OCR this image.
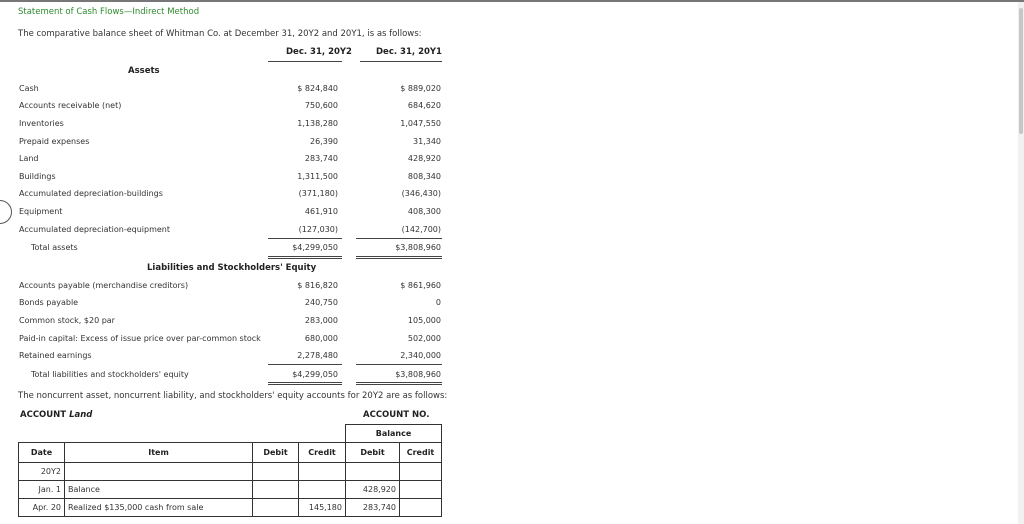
Statement of Cash Flows—Indirect Method
The comparative balance sheet of Whitman Co. at December 31, 20Y2 and 20Y1, is as follows:
Dec. 31, 20Y2	Dec. 31, 20Y1
Assets
Cash	$ 824,840	$ 889,020
Accounts receivable (net)	750,600	684,620
Inventories	1,138,280	1,047,550
Prepaid expenses	26,390	31,340
Land	283,740	428,920
Buildings	1,311,500	808,340
Accumulated depreciation-buildings	(371,180)	(346,430)
Equipment	461,910	408,300
Accumulated depreciation-equipment	(127,030)	(142,700)
Total assets	$4,299,050	$3,808,960
Liabilities and Stockholders' Equity
Accounts payable (merchandise creditors)	$ 816,820	$ 861,960
Bonds payable	240,750	0
Common stock, $20 par	283,000	105,000
Paid-in capital: Excess of issue price over par-common stock	680,000	502,000
Retained earnings	2,278,480	2,340,000
Total liabilities and stockholders' equity	$4,299,050	$3,808,960
The noncurrent asset, noncurrent liability, and stockholders' equity accounts for 20Y2 are as follows:
ACCOUNT Land	ACCOUNT NO.
				Balance	
Date	Item	Debit	Credit	Debit	Credit
20Y2					
Jan. 1	Balance			428,920	
Apr. 20	Realized $135,000 cash from sale		145,180	283,740	
